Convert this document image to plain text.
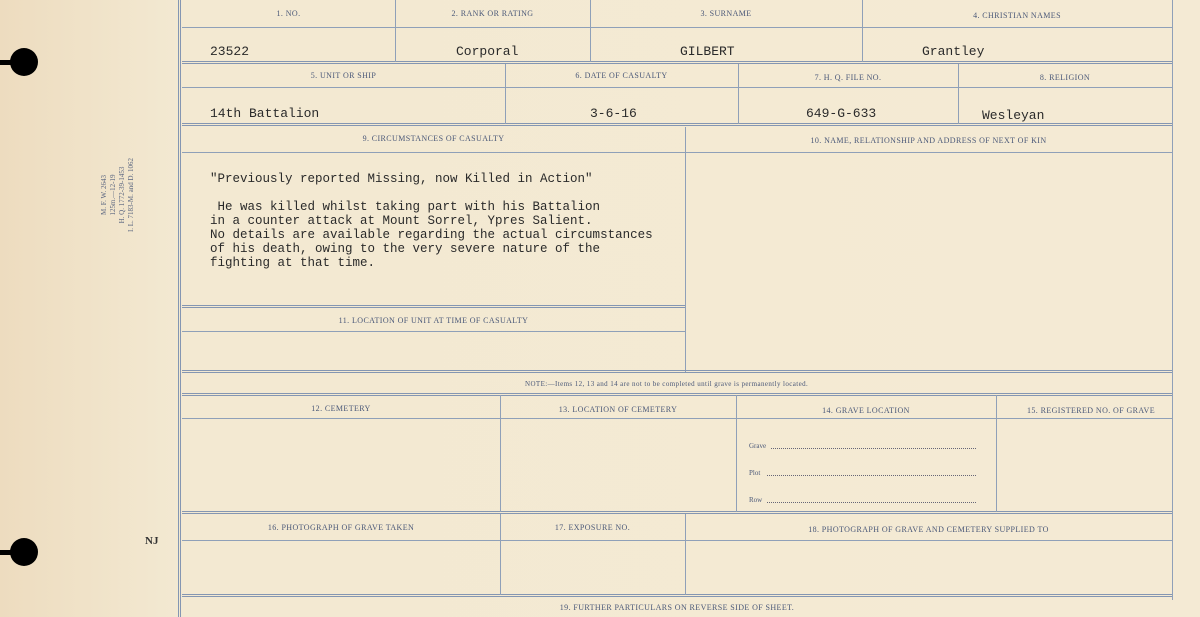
M. F. W. 2643 125m.—12-19 H. Q. 1772-39-1453 I. L. 7183-M. and D. 1062
NJ
1. NO.	2. RANK OR RATING	3. SURNAME	4. CHRISTIAN NAMES
23522	Corporal	GILBERT	Grantley
5. UNIT OR SHIP	6. DATE OF CASUALTY	7. H. Q. FILE NO.	8. RELIGION
14th Battalion	3-6-16	649-G-633	Wesleyan
9. CIRCUMSTANCES OF CASUALTY	10. NAME, RELATIONSHIP AND ADDRESS OF NEXT OF KIN
"Previously reported Missing, now Killed in Action"

He was killed whilst taking part with his Battalion
in a counter attack at Mount Sorrel, Ypres Salient.
No details are available regarding the actual circumstances
of his death, owing to the very severe nature of the
fighting at that time.
11. LOCATION OF UNIT AT TIME OF CASUALTY
NOTE:—Items 12, 13 and 14 are not to be completed until grave is permanently located.
12. CEMETERY	13. LOCATION OF CEMETERY	14. GRAVE LOCATION	15. REGISTERED NO. OF GRAVE
Grave
Plot
Row
16. PHOTOGRAPH OF GRAVE TAKEN	17. EXPOSURE NO.	18. PHOTOGRAPH OF GRAVE AND CEMETERY SUPPLIED TO
19. FURTHER PARTICULARS ON REVERSE SIDE OF SHEET.
